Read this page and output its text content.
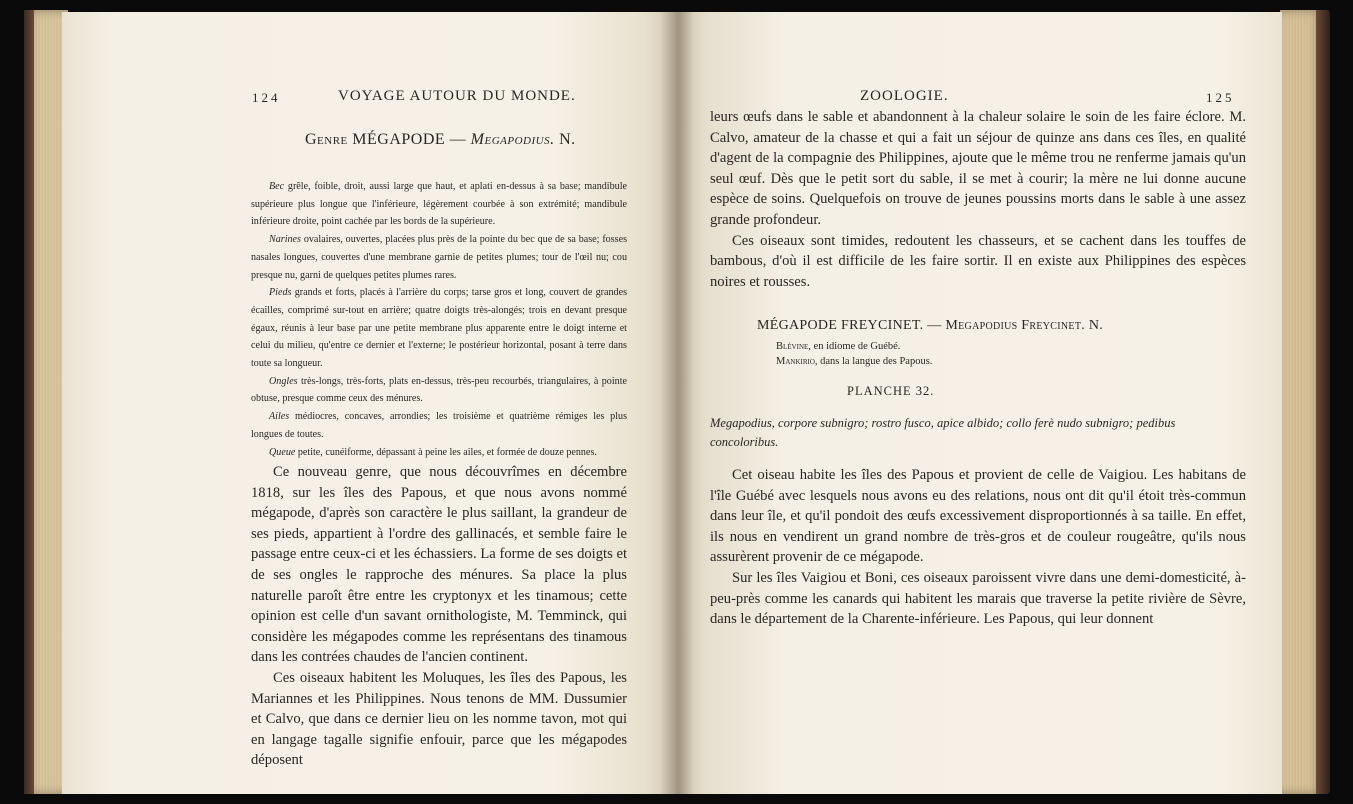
124	VOYAGE AUTOUR DU MONDE.
Genre MÉGAPODE — Megapodius. N.

Bec grêle, foible, droit, aussi large que haut, et aplati en-dessus à sa base; mandibule supérieure plus longue que l'inférieure, légèrement courbée à son extrémité; mandibule inférieure droite, point cachée par les bords de la supérieure.

Narines ovalaires, ouvertes, placées plus près de la pointe du bec que de sa base; fosses nasales longues, couvertes d'une membrane garnie de petites plumes; tour de l'œil nu; cou presque nu, garni de quelques petites plumes rares.

Pieds grands et forts, placés à l'arrière du corps; tarse gros et long, couvert de grandes écailles, comprimé sur-tout en arrière; quatre doigts très-alongés; trois en devant presque égaux, réunis à leur base par une petite membrane plus apparente entre le doigt interne et celui du milieu, qu'entre ce dernier et l'externe; le postérieur horizontal, posant à terre dans toute sa longueur.

Ongles très-longs, très-forts, plats en-dessus, très-peu recourbés, triangulaires, à pointe obtuse, presque comme ceux des ménures.

Ailes médiocres, concaves, arrondies; les troisième et quatrième rémiges les plus longues de toutes.

Queue petite, cunéiforme, dépassant à peine les ailes, et formée de douze pennes.

Ce nouveau genre, que nous découvrîmes en décembre 1818, sur les îles des Papous, et que nous avons nommé mégapode, d'après son caractère le plus saillant, la grandeur de ses pieds, appartient à l'ordre des gallinacés, et semble faire le passage entre ceux-ci et les échassiers. La forme de ses doigts et de ses ongles le rapproche des ménures. Sa place la plus naturelle paroît être entre les cryptonyx et les tinamous; cette opinion est celle d'un savant ornithologiste, M. Temminck, qui considère les mégapodes comme les représentans des tinamous dans les contrées chaudes de l'ancien continent.

Ces oiseaux habitent les Moluques, les îles des Papous, les Mariannes et les Philippines. Nous tenons de MM. Dussumier et Calvo, que dans ce dernier lieu on les nomme tavon, mot qui en langage tagalle signifie enfouir, parce que les mégapodes déposent

ZOOLOGIE.	125

leurs œufs dans le sable et abandonnent à la chaleur solaire le soin de les faire éclore. M. Calvo, amateur de la chasse et qui a fait un séjour de quinze ans dans ces îles, en qualité d'agent de la compagnie des Philippines, ajoute que le même trou ne renferme jamais qu'un seul œuf. Dès que le petit sort du sable, il se met à courir; la mère ne lui donne aucune espèce de soins. Quelquefois on trouve de jeunes poussins morts dans le sable à une assez grande profondeur.

Ces oiseaux sont timides, redoutent les chasseurs, et se cachent dans les touffes de bambous, d'où il est difficile de les faire sortir. Il en existe aux Philippines des espèces noires et rousses.

MÉGAPODE FREYCINET. — Megapodius Freycinet. N.
Blévine, en idiome de Guébé.
Mankirio, dans la langue des Papous.
PLANCHE 32.
Megapodius, corpore subnigro; rostro fusco, apice albido; collo ferè nudo subnigro; pedibus concoloribus.

Cet oiseau habite les îles des Papous et provient de celle de Vaigiou. Les habitans de l'île Guébé avec lesquels nous avons eu des relations, nous ont dit qu'il étoit très-commun dans leur île, et qu'il pondoit des œufs excessivement disproportionnés à sa taille. En effet, ils nous en vendirent un grand nombre de très-gros et de couleur rougeâtre, qu'ils nous assurèrent provenir de ce mégapode.

Sur les îles Vaigiou et Boni, ces oiseaux paroissent vivre dans une demi-domesticité, à-peu-près comme les canards qui habitent les marais que traverse la petite rivière de Sèvre, dans le département de la Charente-inférieure. Les Papous, qui leur donnent
